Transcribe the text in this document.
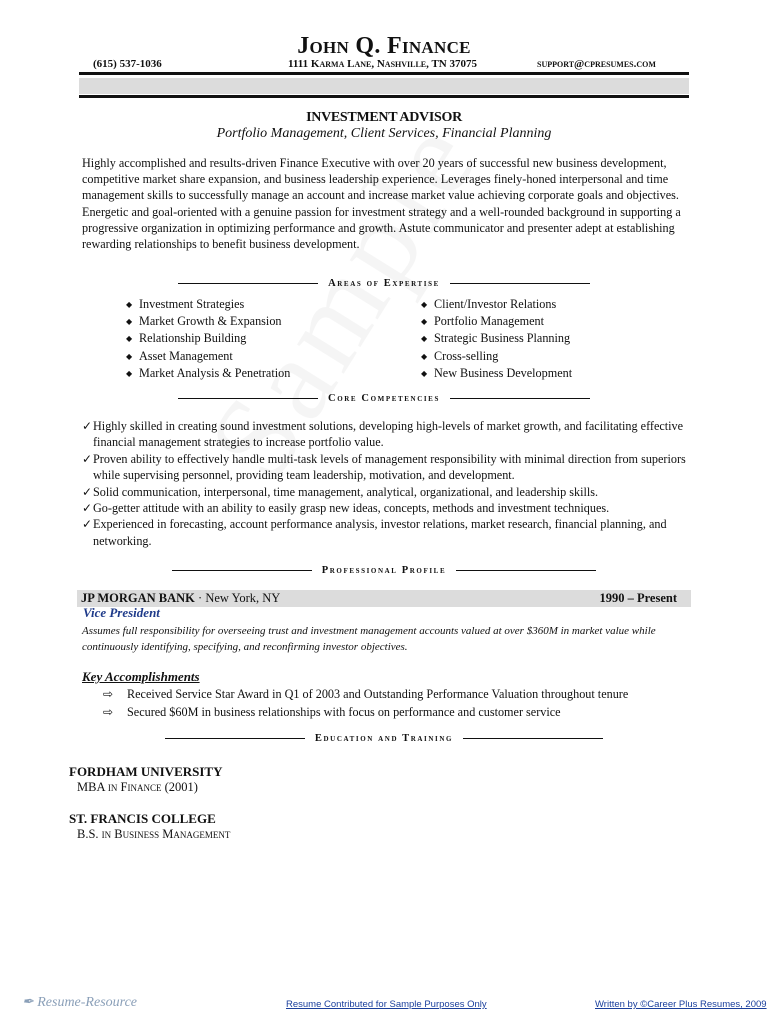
John Q. Finance
(615) 537-1036	1111 Karma Lane, Nashville, TN 37075	support@cpresumes.com
INVESTMENT ADVISOR
Portfolio Management, Client Services, Financial Planning
Highly accomplished and results-driven Finance Executive with over 20 years of successful new business development, competitive market share expansion, and business leadership experience. Leverages finely-honed interpersonal and time management skills to successfully manage an account and increase market value achieving corporate goals and objectives. Energetic and goal-oriented with a genuine passion for investment strategy and a well-rounded background in supporting a progressive organization in optimizing performance and growth. Astute communicator and presenter adept at establishing rewarding relationships to benefit business development.
Areas of Expertise
◆ Investment Strategies
◆ Market Growth & Expansion
◆ Relationship Building
◆ Asset Management
◆ Market Analysis & Penetration
◆ Client/Investor Relations
◆ Portfolio Management
◆ Strategic Business Planning
◆ Cross-selling
◆ New Business Development
Core Competencies

✓Highly skilled in creating sound investment solutions, developing high-levels of market growth, and facilitating effective financial management strategies to increase portfolio value.

✓Proven ability to effectively handle multi-task levels of management responsibility with minimal direction from superiors while supervising personnel, providing team leadership, motivation, and development.

✓Solid communication, interpersonal, time management, analytical, organizational, and leadership skills.

✓Go-getter attitude with an ability to easily grasp new ideas, concepts, methods and investment techniques.

✓Experienced in forecasting, account performance analysis, investor relations, market research, financial planning, and networking.

Professional Profile
JP MORGAN BANK · New York, NY	1990 – Present
Vice President
Assumes full responsibility for overseeing trust and investment management accounts valued at over $360M in market value while continuously identifying, specifying, and reconfirming investor objectives.
Key Accomplishments
⇨ Received Service Star Award in Q1 of 2003 and Outstanding Performance Valuation throughout tenure
⇨ Secured $60M in business relationships with focus on performance and customer service
Education and Training
FORDHAM UNIVERSITY
MBA in Finance (2001)
ST. FRANCIS COLLEGE
B.S. in Business Management
✒ Resume-Resource	Resume Contributed for Sample Purposes Only	Written by ©Career Plus Resumes, 2009
